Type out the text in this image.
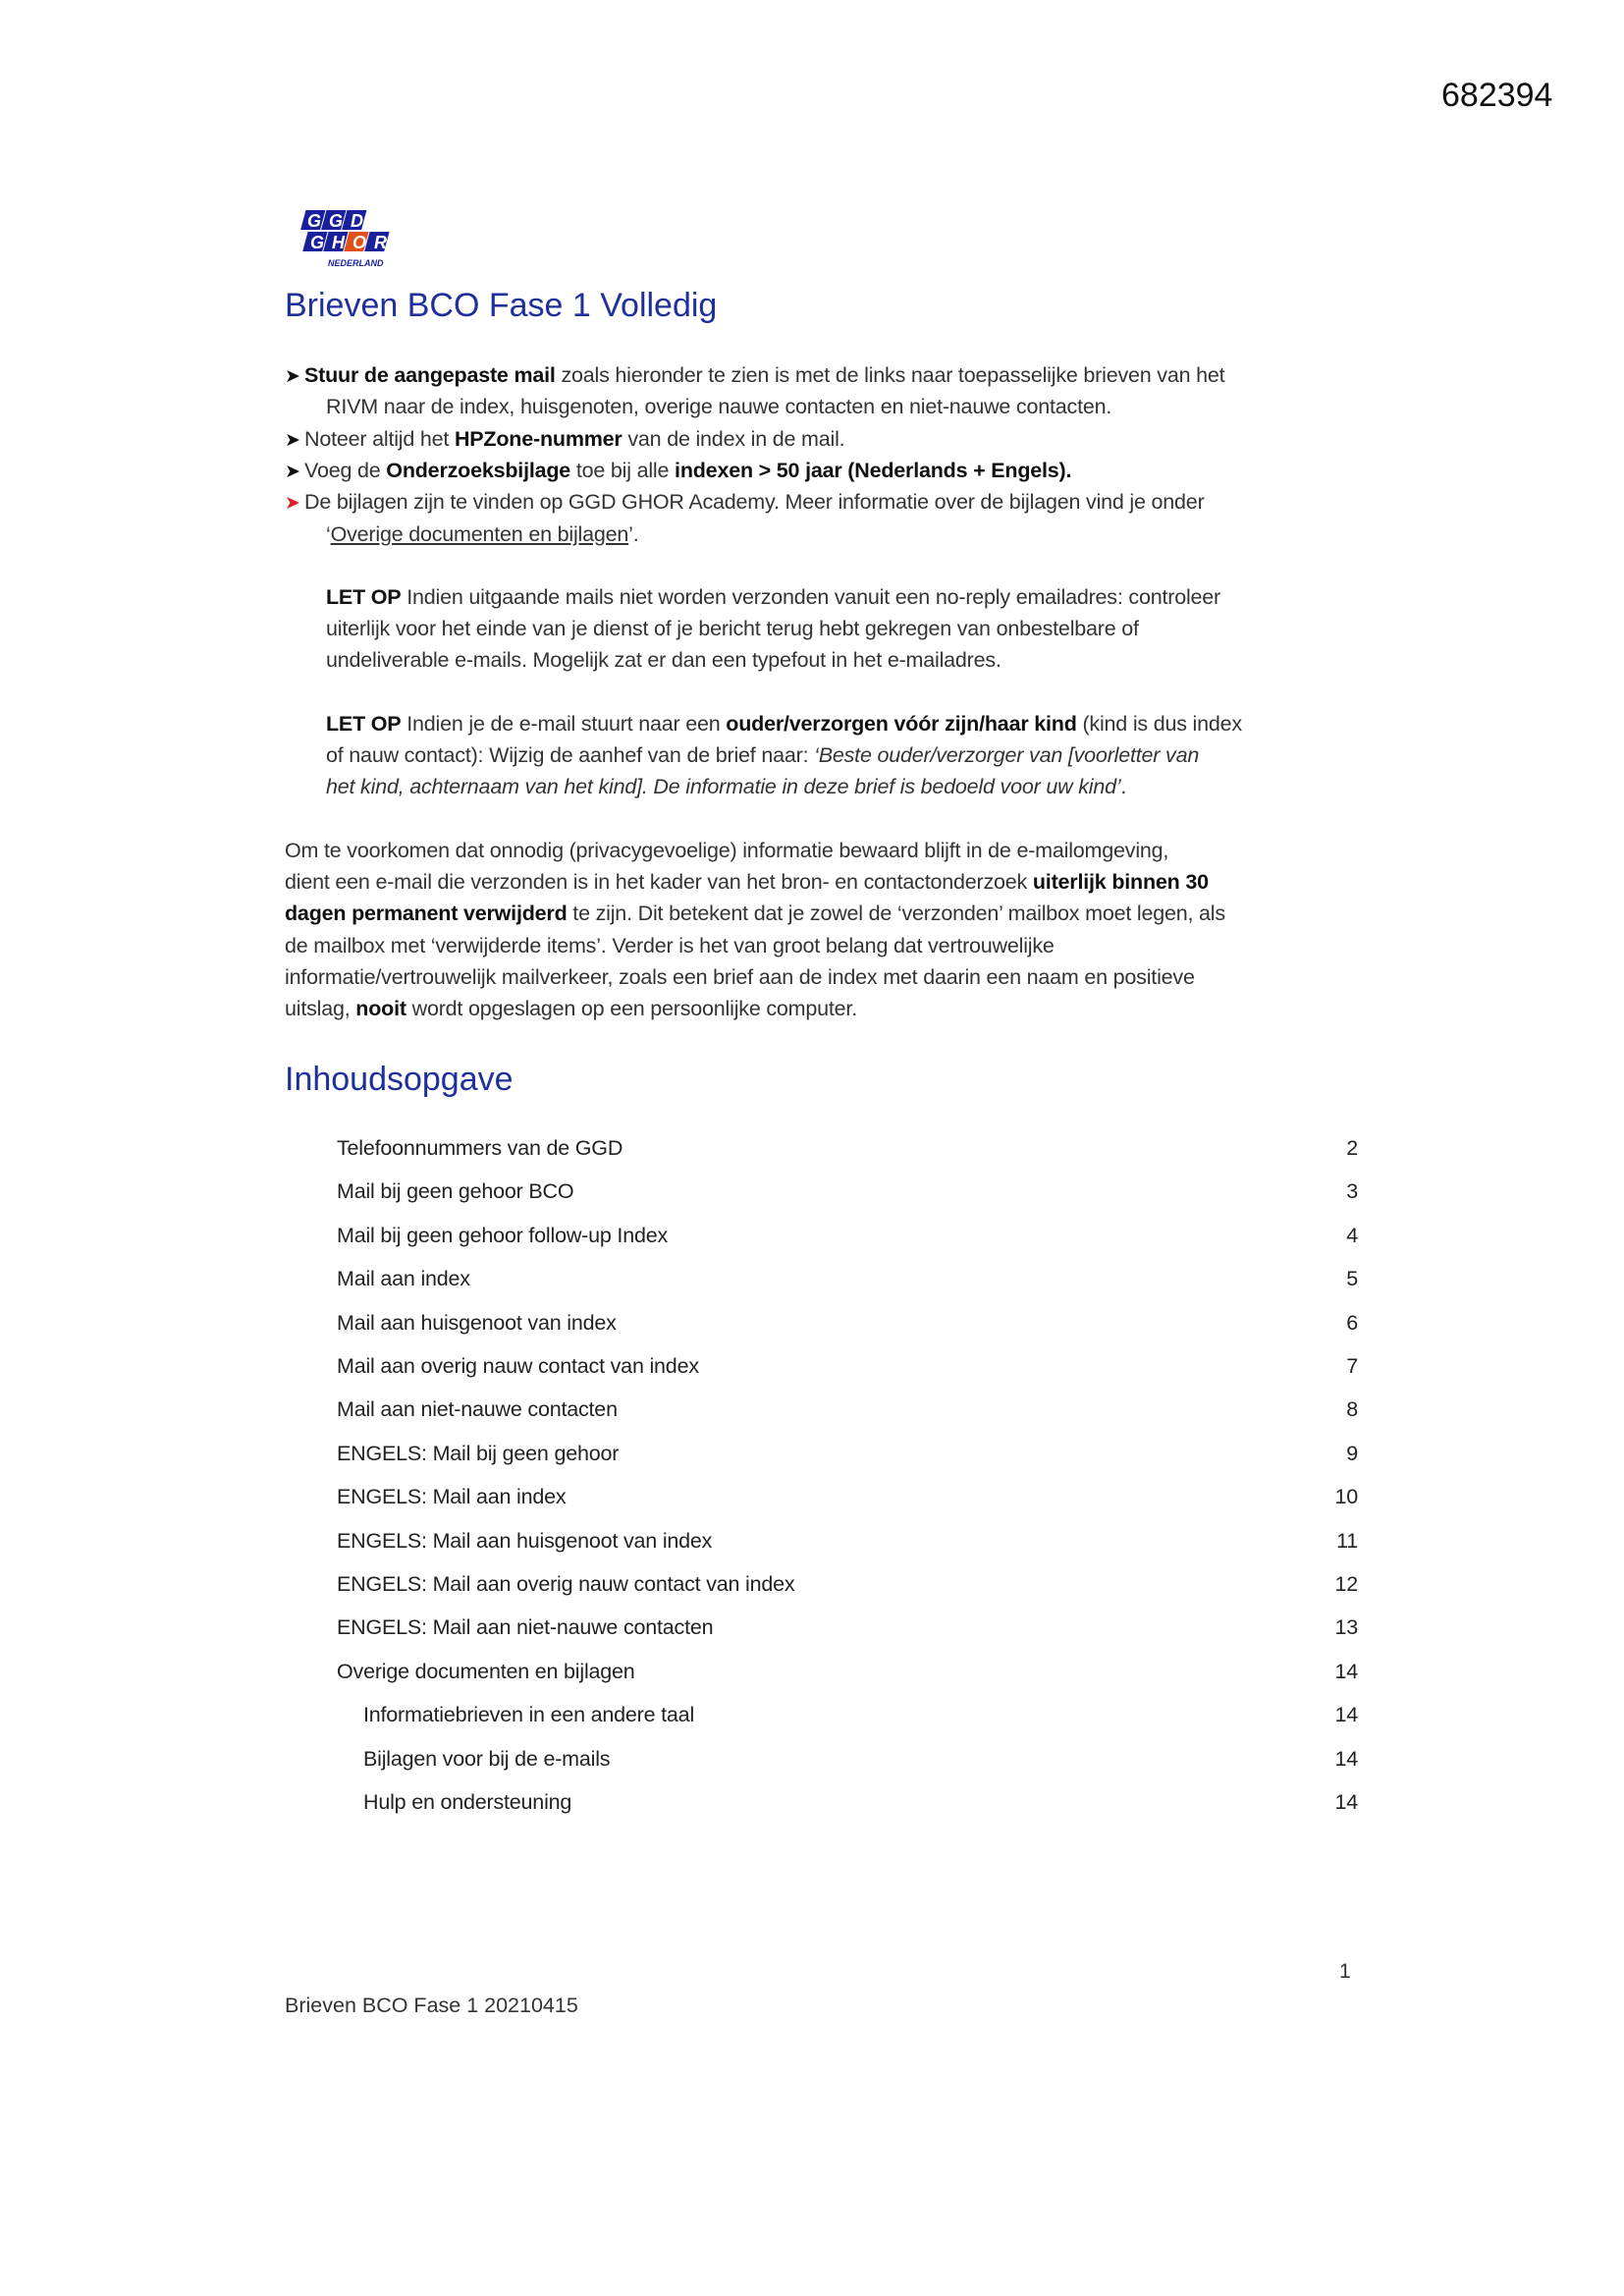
682394
GGD
GHOR
NEDERLAND
Brieven BCO Fase 1 Volledig
➤ Stuur de aangepaste mail zoals hieronder te zien is met de links naar toepasselijke brieven van het
RIVM naar de index, huisgenoten, overige nauwe contacten en niet-nauwe contacten.
➤ Noteer altijd het HPZone-nummer van de index in de mail.
➤ Voeg de Onderzoeksbijlage toe bij alle indexen > 50 jaar (Nederlands + Engels).
➤ De bijlagen zijn te vinden op GGD GHOR Academy. Meer informatie over de bijlagen vind je onder
‘Overige documenten en bijlagen’.
LET OP Indien uitgaande mails niet worden verzonden vanuit een no-reply emailadres: controleer
uiterlijk voor het einde van je dienst of je bericht terug hebt gekregen van onbestelbare of
undeliverable e-mails. Mogelijk zat er dan een typefout in het e-mailadres.
LET OP Indien je de e-mail stuurt naar een ouder/verzorgen vóór zijn/haar kind (kind is dus index
of nauw contact): Wijzig de aanhef van de brief naar: ‘Beste ouder/verzorger van [voorletter van
het kind, achternaam van het kind]. De informatie in deze brief is bedoeld voor uw kind’.
Om te voorkomen dat onnodig (privacygevoelige) informatie bewaard blijft in de e-mailomgeving,
dient een e-mail die verzonden is in het kader van het bron- en contactonderzoek uiterlijk binnen 30
dagen permanent verwijderd te zijn. Dit betekent dat je zowel de ‘verzonden’ mailbox moet legen, als
de mailbox met ‘verwijderde items’. Verder is het van groot belang dat vertrouwelijke
informatie/vertrouwelijk mailverkeer, zoals een brief aan de index met daarin een naam en positieve
uitslag, nooit wordt opgeslagen op een persoonlijke computer.
Inhoudsopgave
Telefoonnummers van de GGD	2
Mail bij geen gehoor BCO	3
Mail bij geen gehoor follow-up Index	4
Mail aan index	5
Mail aan huisgenoot van index	6
Mail aan overig nauw contact van index	7
Mail aan niet-nauwe contacten	8
ENGELS: Mail bij geen gehoor	9
ENGELS: Mail aan index	10
ENGELS: Mail aan huisgenoot van index	11
ENGELS: Mail aan overig nauw contact van index	12
ENGELS: Mail aan niet-nauwe contacten	13
Overige documenten en bijlagen	14
Informatiebrieven in een andere taal	14
Bijlagen voor bij de e-mails	14
Hulp en ondersteuning	14
1
Brieven BCO Fase 1 20210415
